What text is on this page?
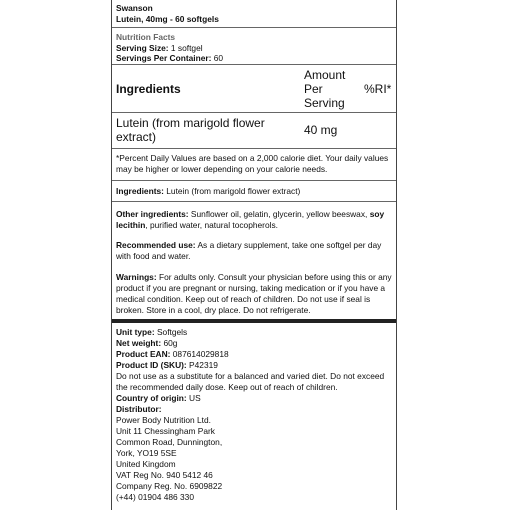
Swanson
Lutein, 40mg - 60 softgels
Nutrition Facts
Serving Size: 1 softgel
Servings Per Container: 60
Ingredients	Amount Per Serving	%RI*
Lutein (from marigold flower extract)	40 mg	
*Percent Daily Values are based on a 2,000 calorie diet. Your daily values may be higher or lower depending on your calorie needs.
Ingredients: Lutein (from marigold flower extract)
Other ingredients: Sunflower oil, gelatin, glycerin, yellow beeswax, soy lecithin, purified water, natural tocopherols.
Recommended use: As a dietary supplement, take one softgel per day with food and water.
Warnings: For adults only. Consult your physician before using this or any product if you are pregnant or nursing, taking medication or if you have a medical condition. Keep out of reach of children. Do not use if seal is broken. Store in a cool, dry place. Do not refrigerate.
Unit type: Softgels
Net weight: 60g
Product EAN: 087614029818
Product ID (SKU): P42319
Do not use as a substitute for a balanced and varied diet. Do not exceed the recommended daily dose. Keep out of reach of children.
Country of origin: US
Distributor:
Power Body Nutrition Ltd.
Unit 11 Chessingham Park
Common Road, Dunnington,
York, YO19 5SE
United Kingdom
VAT Reg No. 940 5412 46
Company Reg. No. 6909822
(+44) 01904 486 330
